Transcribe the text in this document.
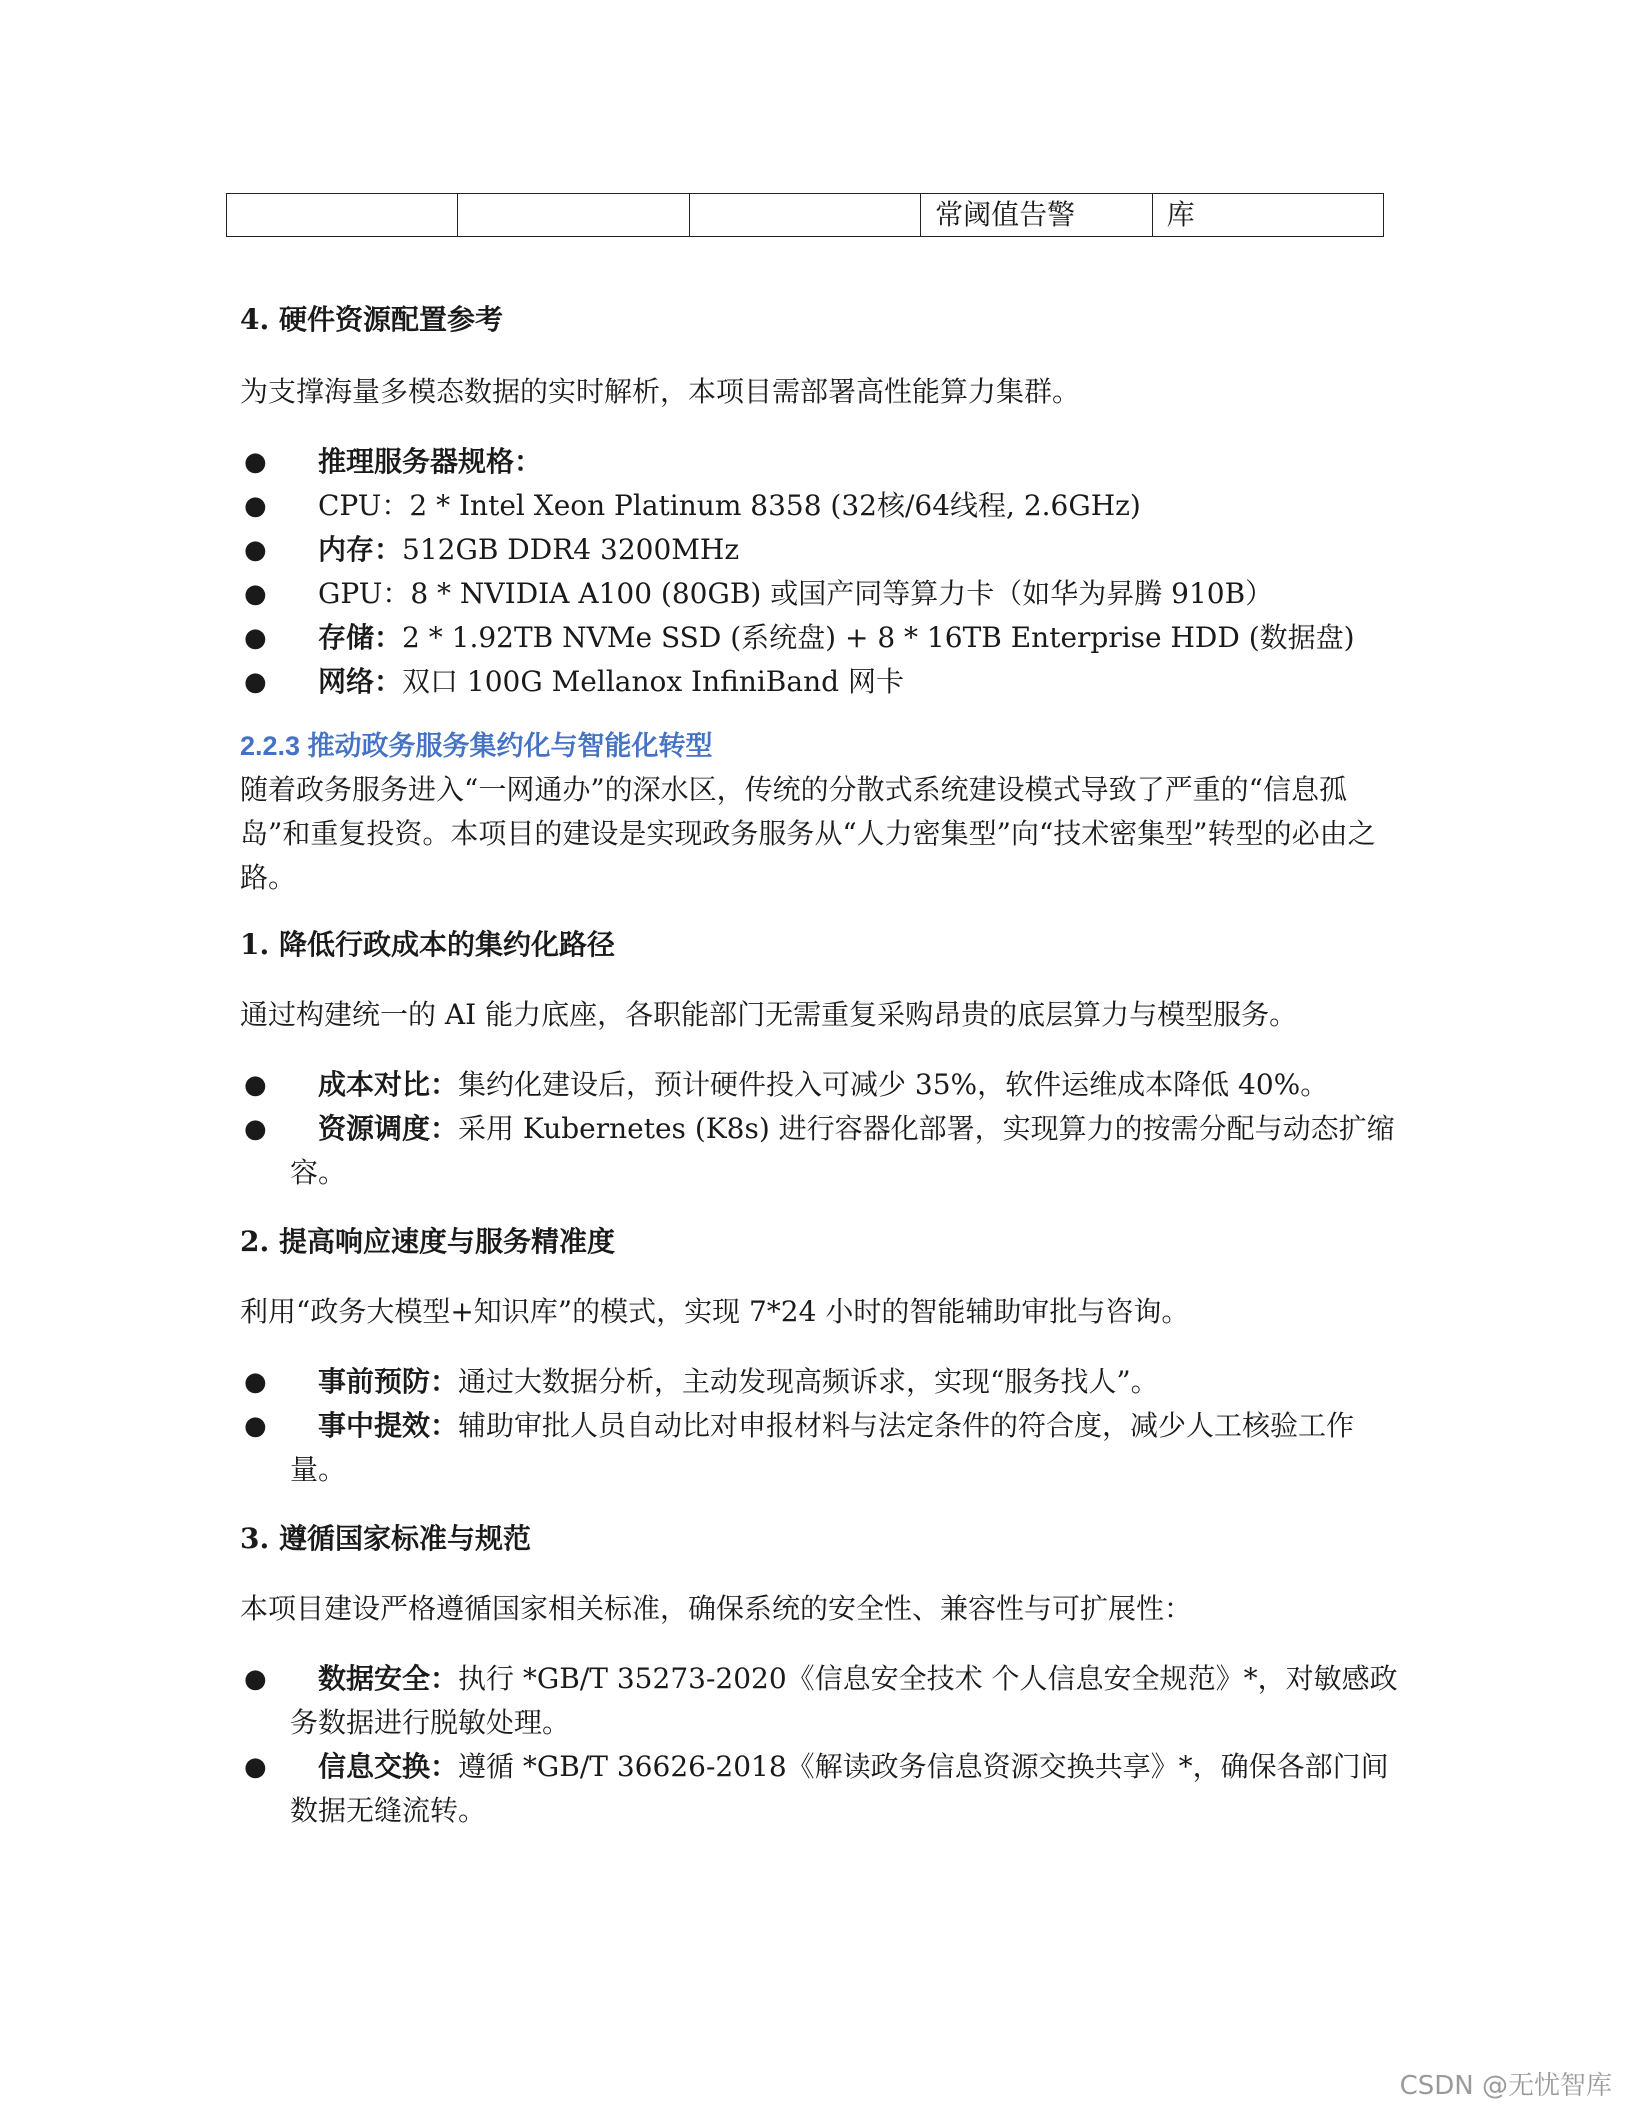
			常阈值告警	库
4. 硬件资源配置参考
为支撑海量多模态数据的实时解析，本项目需部署高性能算力集群。
● 推理服务器规格：
● CPU：2 * Intel Xeon Platinum 8358 (32核/64线程, 2.6GHz)
● 内存：512GB DDR4 3200MHz
● GPU：8 * NVIDIA A100 (80GB) 或国产同等算力卡（如华为昇腾 910B）
● 存储：2 * 1.92TB NVMe SSD (系统盘) + 8 * 16TB Enterprise HDD (数据盘)
● 网络：双口 100G Mellanox InfiniBand 网卡
2.2.3 推动政务服务集约化与智能化转型
随着政务服务进入“一网通办”的深水区，传统的分散式系统建设模式导致了严重的“信息孤岛”和重复投资。本项目的建设是实现政务服务从“人力密集型”向“技术密集型”转型的必由之路。
1. 降低行政成本的集约化路径
通过构建统一的 AI 能力底座，各职能部门无需重复采购昂贵的底层算力与模型服务。
● 成本对比：集约化建设后，预计硬件投入可减少 35%，软件运维成本降低 40%。
● 资源调度：采用 Kubernetes (K8s) 进行容器化部署，实现算力的按需分配与动态扩缩容。
2. 提高响应速度与服务精准度
利用“政务大模型+知识库”的模式，实现 7*24 小时的智能辅助审批与咨询。
● 事前预防：通过大数据分析，主动发现高频诉求，实现“服务找人”。
● 事中提效：辅助审批人员自动比对申报材料与法定条件的符合度，减少人工核验工作量。
3. 遵循国家标准与规范
本项目建设严格遵循国家相关标准，确保系统的安全性、兼容性与可扩展性：
● 数据安全：执行 *GB/T 35273-2020《信息安全技术 个人信息安全规范》*，对敏感政务数据进行脱敏处理。
● 信息交换：遵循 *GB/T 36626-2018《解读政务信息资源交换共享》*，确保各部门间数据无缝流转。
CSDN @无忧智库
